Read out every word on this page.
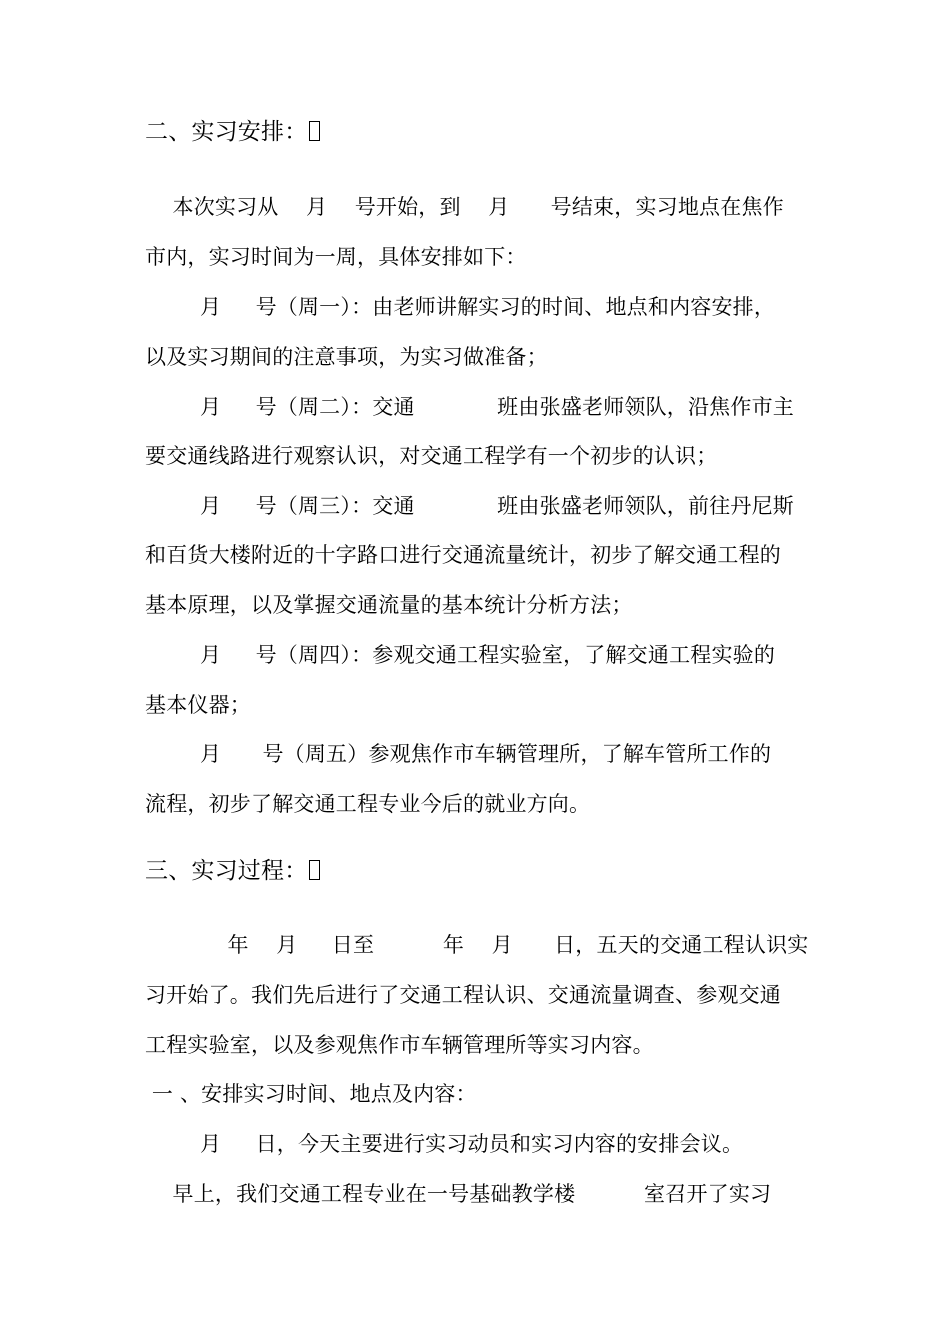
二、实习安排：
本次实习从    月    号开始，到    月      号结束，实习地点在焦作
市内，实习时间为一周，具体安排如下：
月     号（周一）：由老师讲解实习的时间、地点和内容安排，
以及实习期间的注意事项，为实习做准备；
月     号（周二）：交通            班由张盛老师领队，沿焦作市主
要交通线路进行观察认识，对交通工程学有一个初步的认识；
月     号（周三）：交通            班由张盛老师领队，前往丹尼斯
和百货大楼附近的十字路口进行交通流量统计，初步了解交通工程的
基本原理，以及掌握交通流量的基本统计分析方法；
月     号（周四）：参观交通工程实验室，了解交通工程实验的
基本仪器；
月      号（周五）参观焦作市车辆管理所，了解车管所工作的
流程，初步了解交通工程专业今后的就业方向。
三、实习过程：
年    月     日至          年    月      日，五天的交通工程认识实
习开始了。我们先后进行了交通工程认识、交通流量调查、参观交通
工程实验室，以及参观焦作市车辆管理所等实习内容。
一 、安排实习时间、地点及内容：
月     日，今天主要进行实习动员和实习内容的安排会议。
早上，我们交通工程专业在一号基础教学楼          室召开了实习
